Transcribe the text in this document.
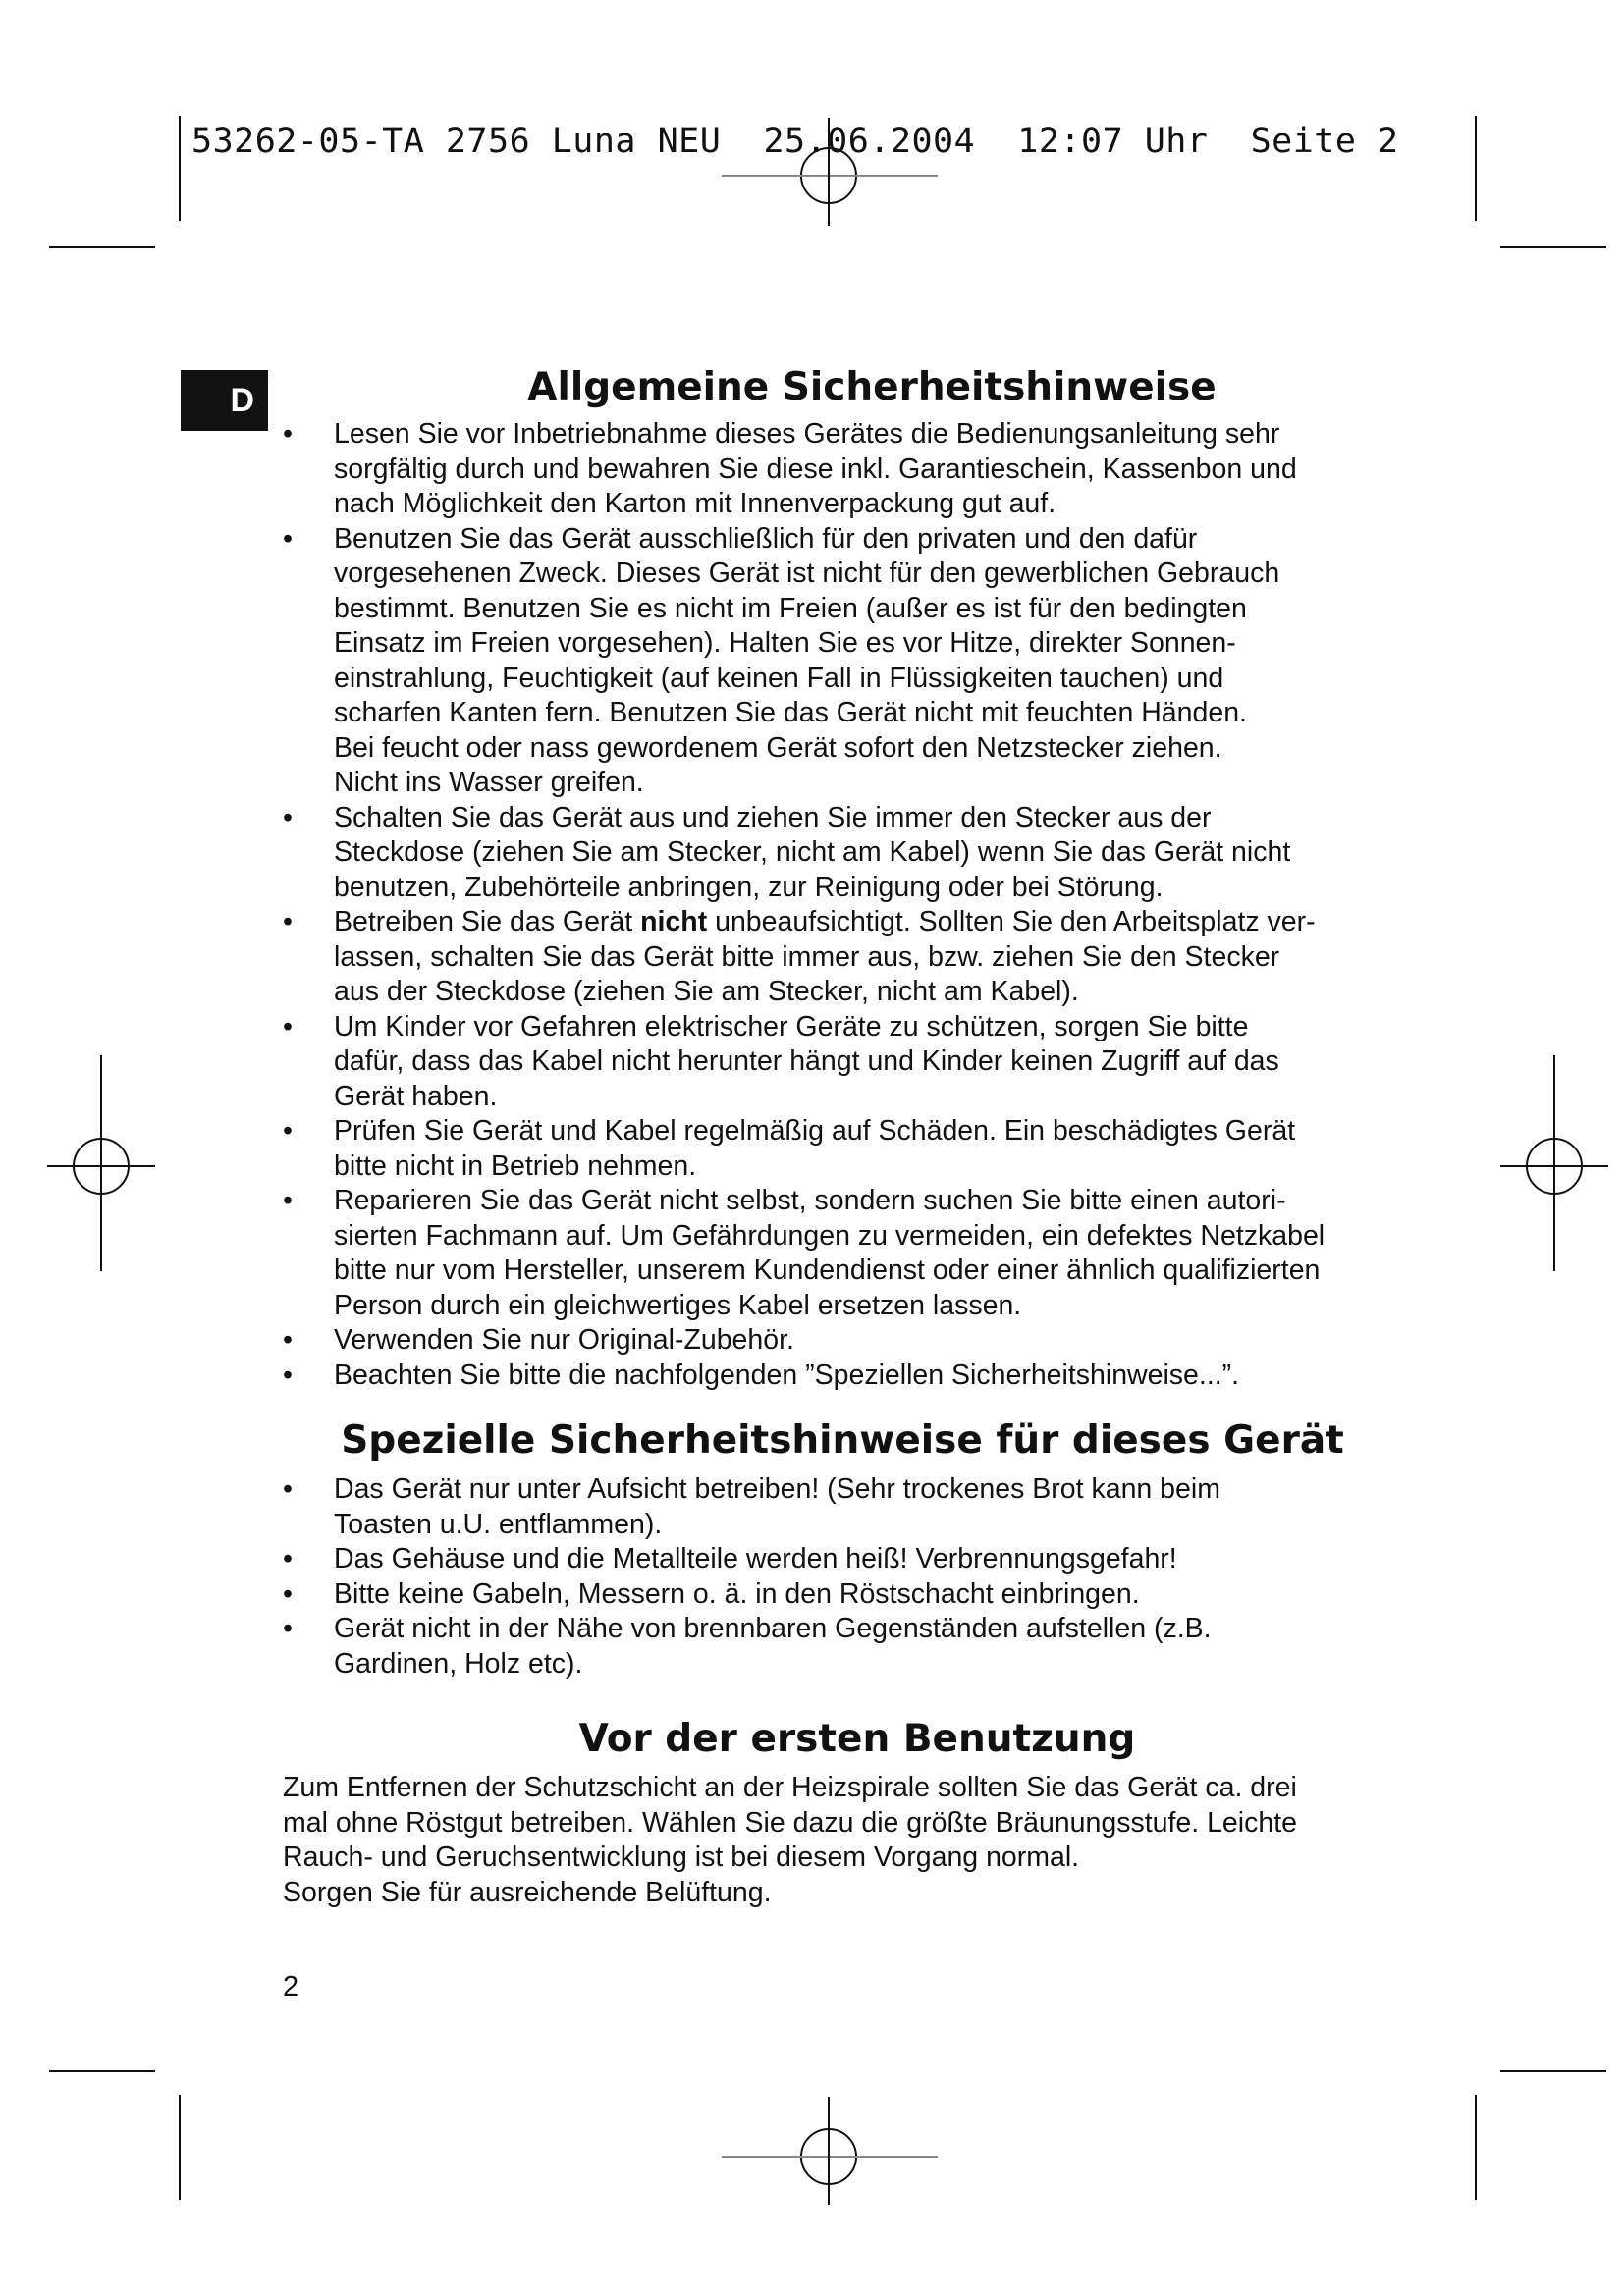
53262-05-TA 2756 Luna NEU  25.06.2004  12:07 Uhr  Seite 2
D	Allgemeine Sicherheitshinweise
•	Lesen Sie vor Inbetriebnahme dieses Gerätes die Bedienungsanleitung sehr

sorgfältig durch und bewahren Sie diese inkl. Garantieschein, Kassenbon und

nach Möglichkeit den Karton mit Innenverpackung gut auf.

•	Benutzen Sie das Gerät ausschließlich für den privaten und den dafür

vorgesehenen Zweck. Dieses Gerät ist nicht für den gewerblichen Gebrauch

bestimmt. Benutzen Sie es nicht im Freien (außer es ist für den bedingten

Einsatz im Freien vorgesehen). Halten Sie es vor Hitze, direkter Sonnen-

einstrahlung, Feuchtigkeit (auf keinen Fall in Flüssigkeiten tauchen) und

scharfen Kanten fern. Benutzen Sie das Gerät nicht mit feuchten Händen.

Bei feucht oder nass gewordenem Gerät sofort den Netzstecker ziehen.

Nicht ins Wasser greifen.

•	Schalten Sie das Gerät aus und ziehen Sie immer den Stecker aus der

Steckdose (ziehen Sie am Stecker, nicht am Kabel) wenn Sie das Gerät nicht

benutzen, Zubehörteile anbringen, zur Reinigung oder bei Störung.

• Betreiben Sie das Gerät nicht unbeaufsichtigt. Sollten Sie den Arbeitsplatz ver-

lassen, schalten Sie das Gerät bitte immer aus, bzw. ziehen Sie den Stecker

aus der Steckdose (ziehen Sie am Stecker, nicht am Kabel).

•	Um Kinder vor Gefahren elektrischer Geräte zu schützen, sorgen Sie bitte

dafür, dass das Kabel nicht herunter hängt und Kinder keinen Zugriff auf das

Gerät haben.

•	Prüfen Sie Gerät und Kabel regelmäßig auf Schäden. Ein beschädigtes Gerät

bitte nicht in Betrieb nehmen.

•	Reparieren Sie das Gerät nicht selbst, sondern suchen Sie bitte einen autori-

sierten Fachmann auf. Um Gefährdungen zu vermeiden, ein defektes Netzkabel

bitte nur vom Hersteller, unserem Kundendienst oder einer ähnlich qualifizierten

Person durch ein gleichwertiges Kabel ersetzen lassen.

•	Verwenden Sie nur Original-Zubehör.

•	Beachten Sie bitte die nachfolgenden ”Speziellen Sicherheitshinweise...”.

Spezielle Sicherheitshinweise für dieses Gerät
•	Das Gerät nur unter Aufsicht betreiben! (Sehr trockenes Brot kann beim

Toasten u.U. entflammen).

•	Das Gehäuse und die Metallteile werden heiß! Verbrennungsgefahr!

•	Bitte keine Gabeln, Messern o. ä. in den Röstschacht einbringen.

•	Gerät nicht in der Nähe von brennbaren Gegenständen aufstellen (z.B.

Gardinen, Holz etc).

Vor der ersten Benutzung

Zum Entfernen der Schutzschicht an der Heizspirale sollten Sie das Gerät ca. drei

mal ohne Röstgut betreiben. Wählen Sie dazu die größte Bräunungsstufe. Leichte

Rauch- und Geruchsentwicklung ist bei diesem Vorgang normal.

Sorgen Sie für ausreichende Belüftung.

2
